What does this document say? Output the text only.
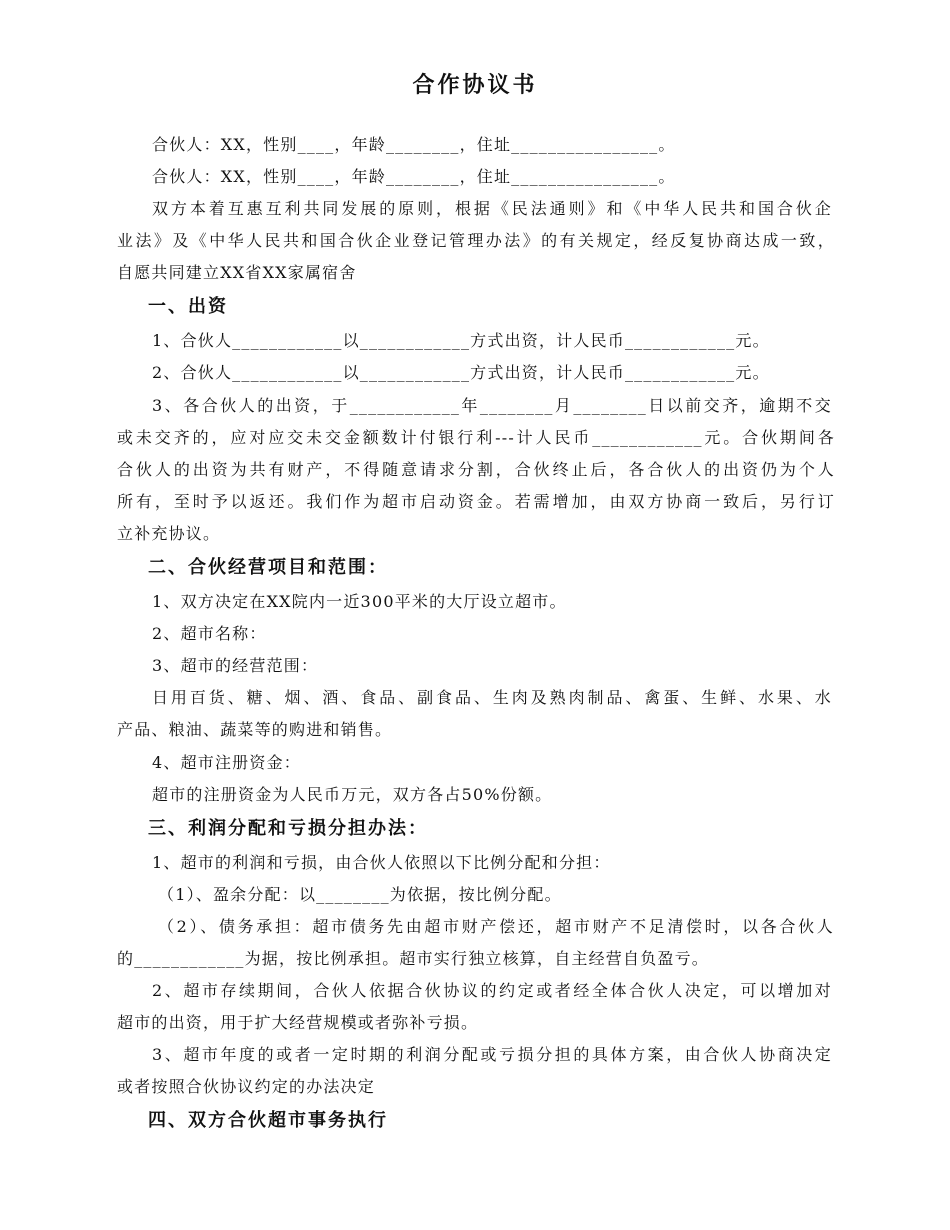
合作协议书
合伙人：XX，性别____，年龄________，住址________________。
合伙人：XX，性别____，年龄________，住址________________。
双方本着互惠互利共同发展的原则，根据《民法通则》和《中华人民共和国合伙企
业法》及《中华人民共和国合伙企业登记管理办法》的有关规定，经反复协商达成一致，
自愿共同建立XX省XX家属宿舍
一、出资
1、合伙人____________以____________方式出资，计人民币____________元。
2、合伙人____________以____________方式出资，计人民币____________元。
3、各合伙人的出资，于____________年________月________日以前交齐，逾期不交
或未交齐的，应对应交未交金额数计付银行利---计人民币____________元。合伙期间各
合伙人的出资为共有财产，不得随意请求分割，合伙终止后，各合伙人的出资仍为个人
所有，至时予以返还。我们作为超市启动资金。若需增加，由双方协商一致后，另行订
立补充协议。
二、合伙经营项目和范围：
1、双方决定在XX院内一近300平米的大厅设立超市。
2、超市名称：
3、超市的经营范围：
日用百货、糖、烟、酒、食品、副食品、生肉及熟肉制品、禽蛋、生鲜、水果、水
产品、粮油、蔬菜等的购进和销售。
4、超市注册资金：
超市的注册资金为人民币万元，双方各占50%份额。
三、利润分配和亏损分担办法：
1、超市的利润和亏损，由合伙人依照以下比例分配和分担：
（1）、盈余分配：以________为依据，按比例分配。
（2）、债务承担：超市债务先由超市财产偿还，超市财产不足清偿时，以各合伙人
的____________为据，按比例承担。超市实行独立核算，自主经营自负盈亏。
2、超市存续期间，合伙人依据合伙协议的约定或者经全体合伙人决定，可以增加对
超市的出资，用于扩大经营规模或者弥补亏损。
3、超市年度的或者一定时期的利润分配或亏损分担的具体方案，由合伙人协商决定
或者按照合伙协议约定的办法决定
四、双方合伙超市事务执行
